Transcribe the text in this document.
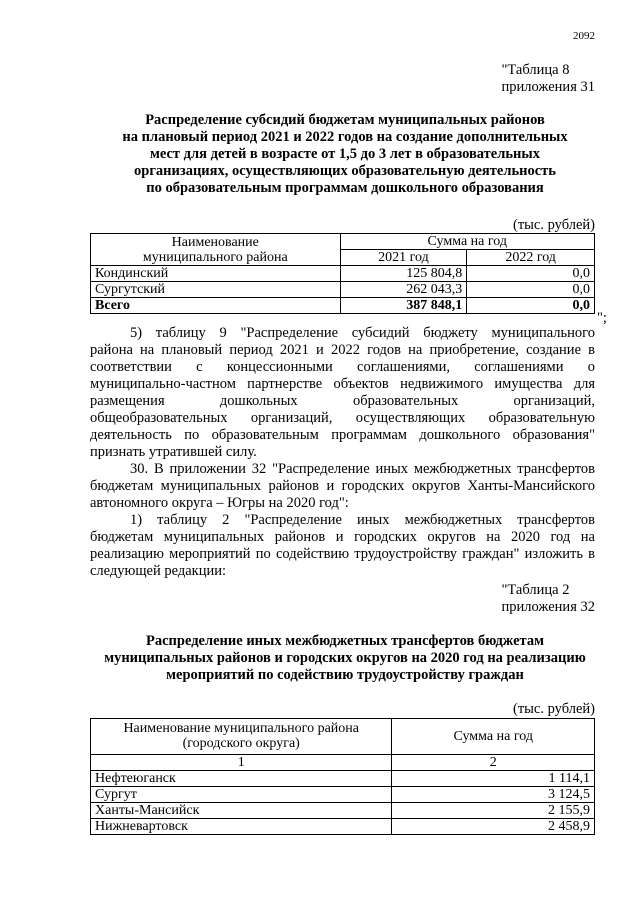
2092
"Таблица 8
приложения 31
Распределение субсидий бюджетам муниципальных районов
на плановый период 2021 и 2022 годов на создание дополнительных
мест для детей в возрасте от 1,5 до 3 лет в образовательных
организациях, осуществляющих образовательную деятельность
по образовательным программам дошкольного образования
(тыс. рублей)
Наименование
муниципального района	Сумма на год	
	2021 год	2022 год
Кондинский	125 804,8	0,0
Сургутский	262 043,3	0,0
Всего	387 848,1	0,0
";
5) таблицу 9 "Распределение субсидий бюджету муниципального
района на плановый период 2021 и 2022 годов на приобретение, создание в
соответствии с концессионными соглашениями, соглашениями о
муниципально-частном партнерстве объектов недвижимого имущества для
размещения дошкольных образовательных организаций,
общеобразовательных организаций, осуществляющих образовательную
деятельность по образовательным программам дошкольного образования"
признать утратившей силу.
30. В приложении 32 "Распределение иных межбюджетных трансфертов
бюджетам муниципальных районов и городских округов Ханты-Мансийского
автономного округа – Югры на 2020 год":
1) таблицу 2 "Распределение иных межбюджетных трансфертов
бюджетам муниципальных районов и городских округов на 2020 год на
реализацию мероприятий по содействию трудоустройству граждан" изложить в
следующей редакции:
"Таблица 2
приложения 32
Распределение иных межбюджетных трансфертов бюджетам
муниципальных районов и городских округов на 2020 год на реализацию
мероприятий по содействию трудоустройству граждан
(тыс. рублей)
Наименование муниципального района
(городского округа)	Сумма на год
1	2
Нефтеюганск	1 114,1
Сургут	3 124,5
Ханты-Мансийск	2 155,9
Нижневартовск	2 458,9
